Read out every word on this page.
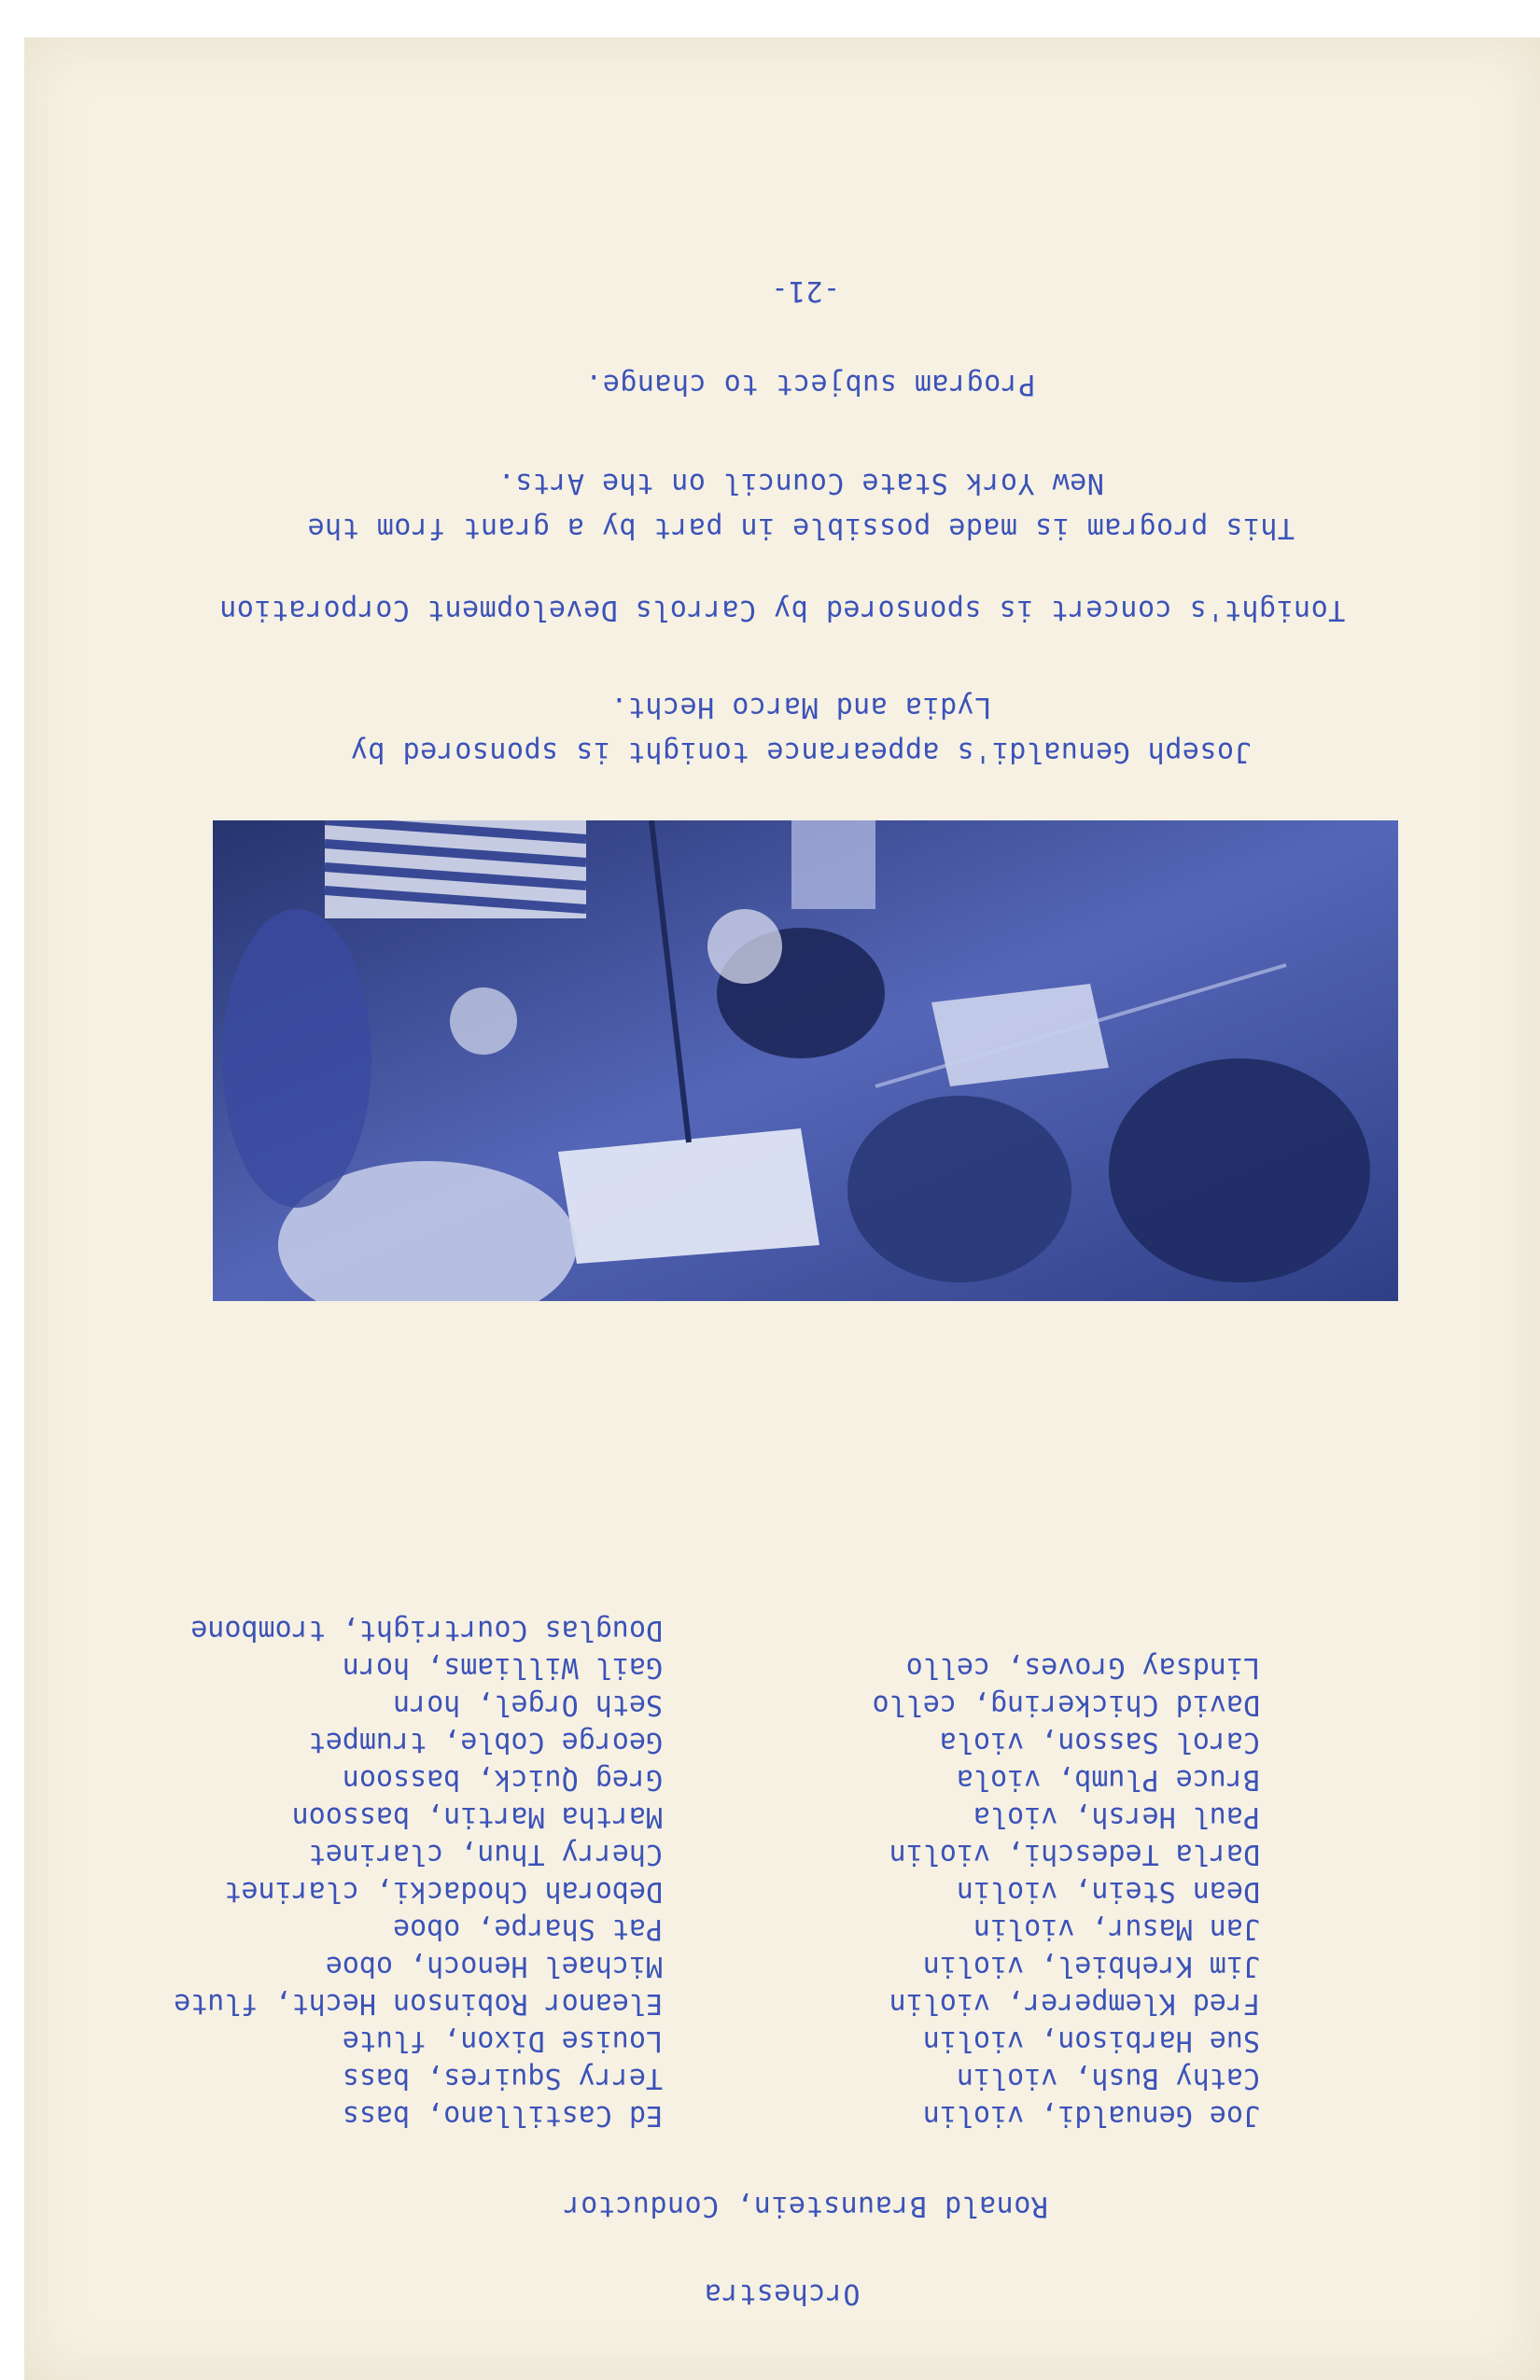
Orchestra
Ronald Braunstein, Conductor
Joe Genualdi, violin
Ed Castillano, bass
Cathy Bush, violin
Terry Squires, bass
Sue Harbison, violin
Louise Dixon, flute
Fred Klemperer, violin
Eleanor Robinson Hecht, flute
Jim Krehbiel, violin
Michael Henoch, oboe
Jan Masur, violin
Pat Sharpe, oboe
Dean Stein, violin
Deborah Chodacki, clarinet
Darla Tedeschi, violin
Cherry Thun, clarinet
Paul Hersh, viola
Martha Martin, bassoon
Bruce Plumb, viola
Greg Quick, bassoon
Carol Sasson, viola
George Coble, trumpet
David Chickering, cello
Seth Orgel, horn
Lindsay Groves, cello
Gail Williams, horn
Douglas Courtright, trombone
Joseph Genualdi's appearance tonight is sponsored by
Lydia and Marco Hecht.
Tonight's concert is sponsored by Carrols Development Corporation
This program is made possible in part by a grant from the
New York State Council on the Arts.
Program subject to change.
-21-
